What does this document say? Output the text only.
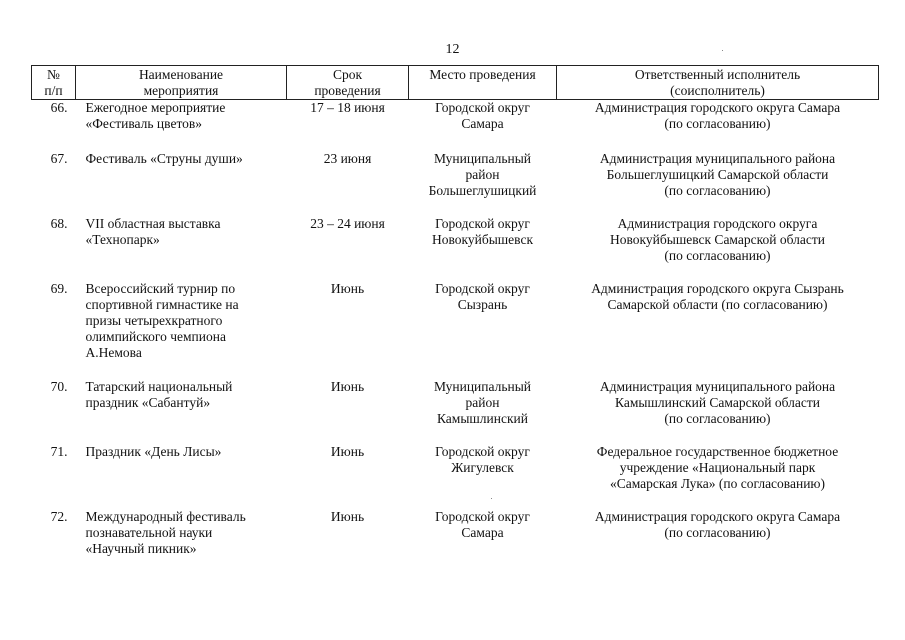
12
№
п/п	Наименование
мероприятия	Срок
проведения	Место проведения	Ответственный исполнитель
(соисполнитель)

66.	Ежегодное мероприятие
«Фестиваль цветов»	17 – 18 июня	Городской округ
Самара	Администрация городского округа Самара
(по согласованию)

67.	Фестиваль «Струны души»	23 июня	Муниципальный
район
Большеглушицкий	Администрация муниципального района
Большеглушицкий Самарской области
(по согласованию)

68.	VII областная выставка
«Технопарк»	23 – 24 июня	Городской округ
Новокуйбышевск	Администрация городского округа
Новокуйбышевск Самарской области
(по согласованию)

69.	Всероссийский турнир по
спортивной гимнастике на
призы четырехкратного
олимпийского чемпиона
А.Немова	Июнь	Городской округ
Сызрань	Администрация городского округа Сызрань
Самарской области (по согласованию)

70.	Татарский национальный
праздник «Сабантуй»	Июнь	Муниципальный
район
Камышлинский	Администрация муниципального района
Камышлинский Самарской области
(по согласованию)

71.	Праздник «День Лисы»	Июнь	Городской округ
Жигулевск	Федеральное государственное бюджетное
учреждение «Национальный парк
«Самарская Лука» (по согласованию)

72.	Международный фестиваль
познавательной науки
«Научный пикник»	Июнь	Городской округ
Самара	Администрация городского округа Самара
(по согласованию)
